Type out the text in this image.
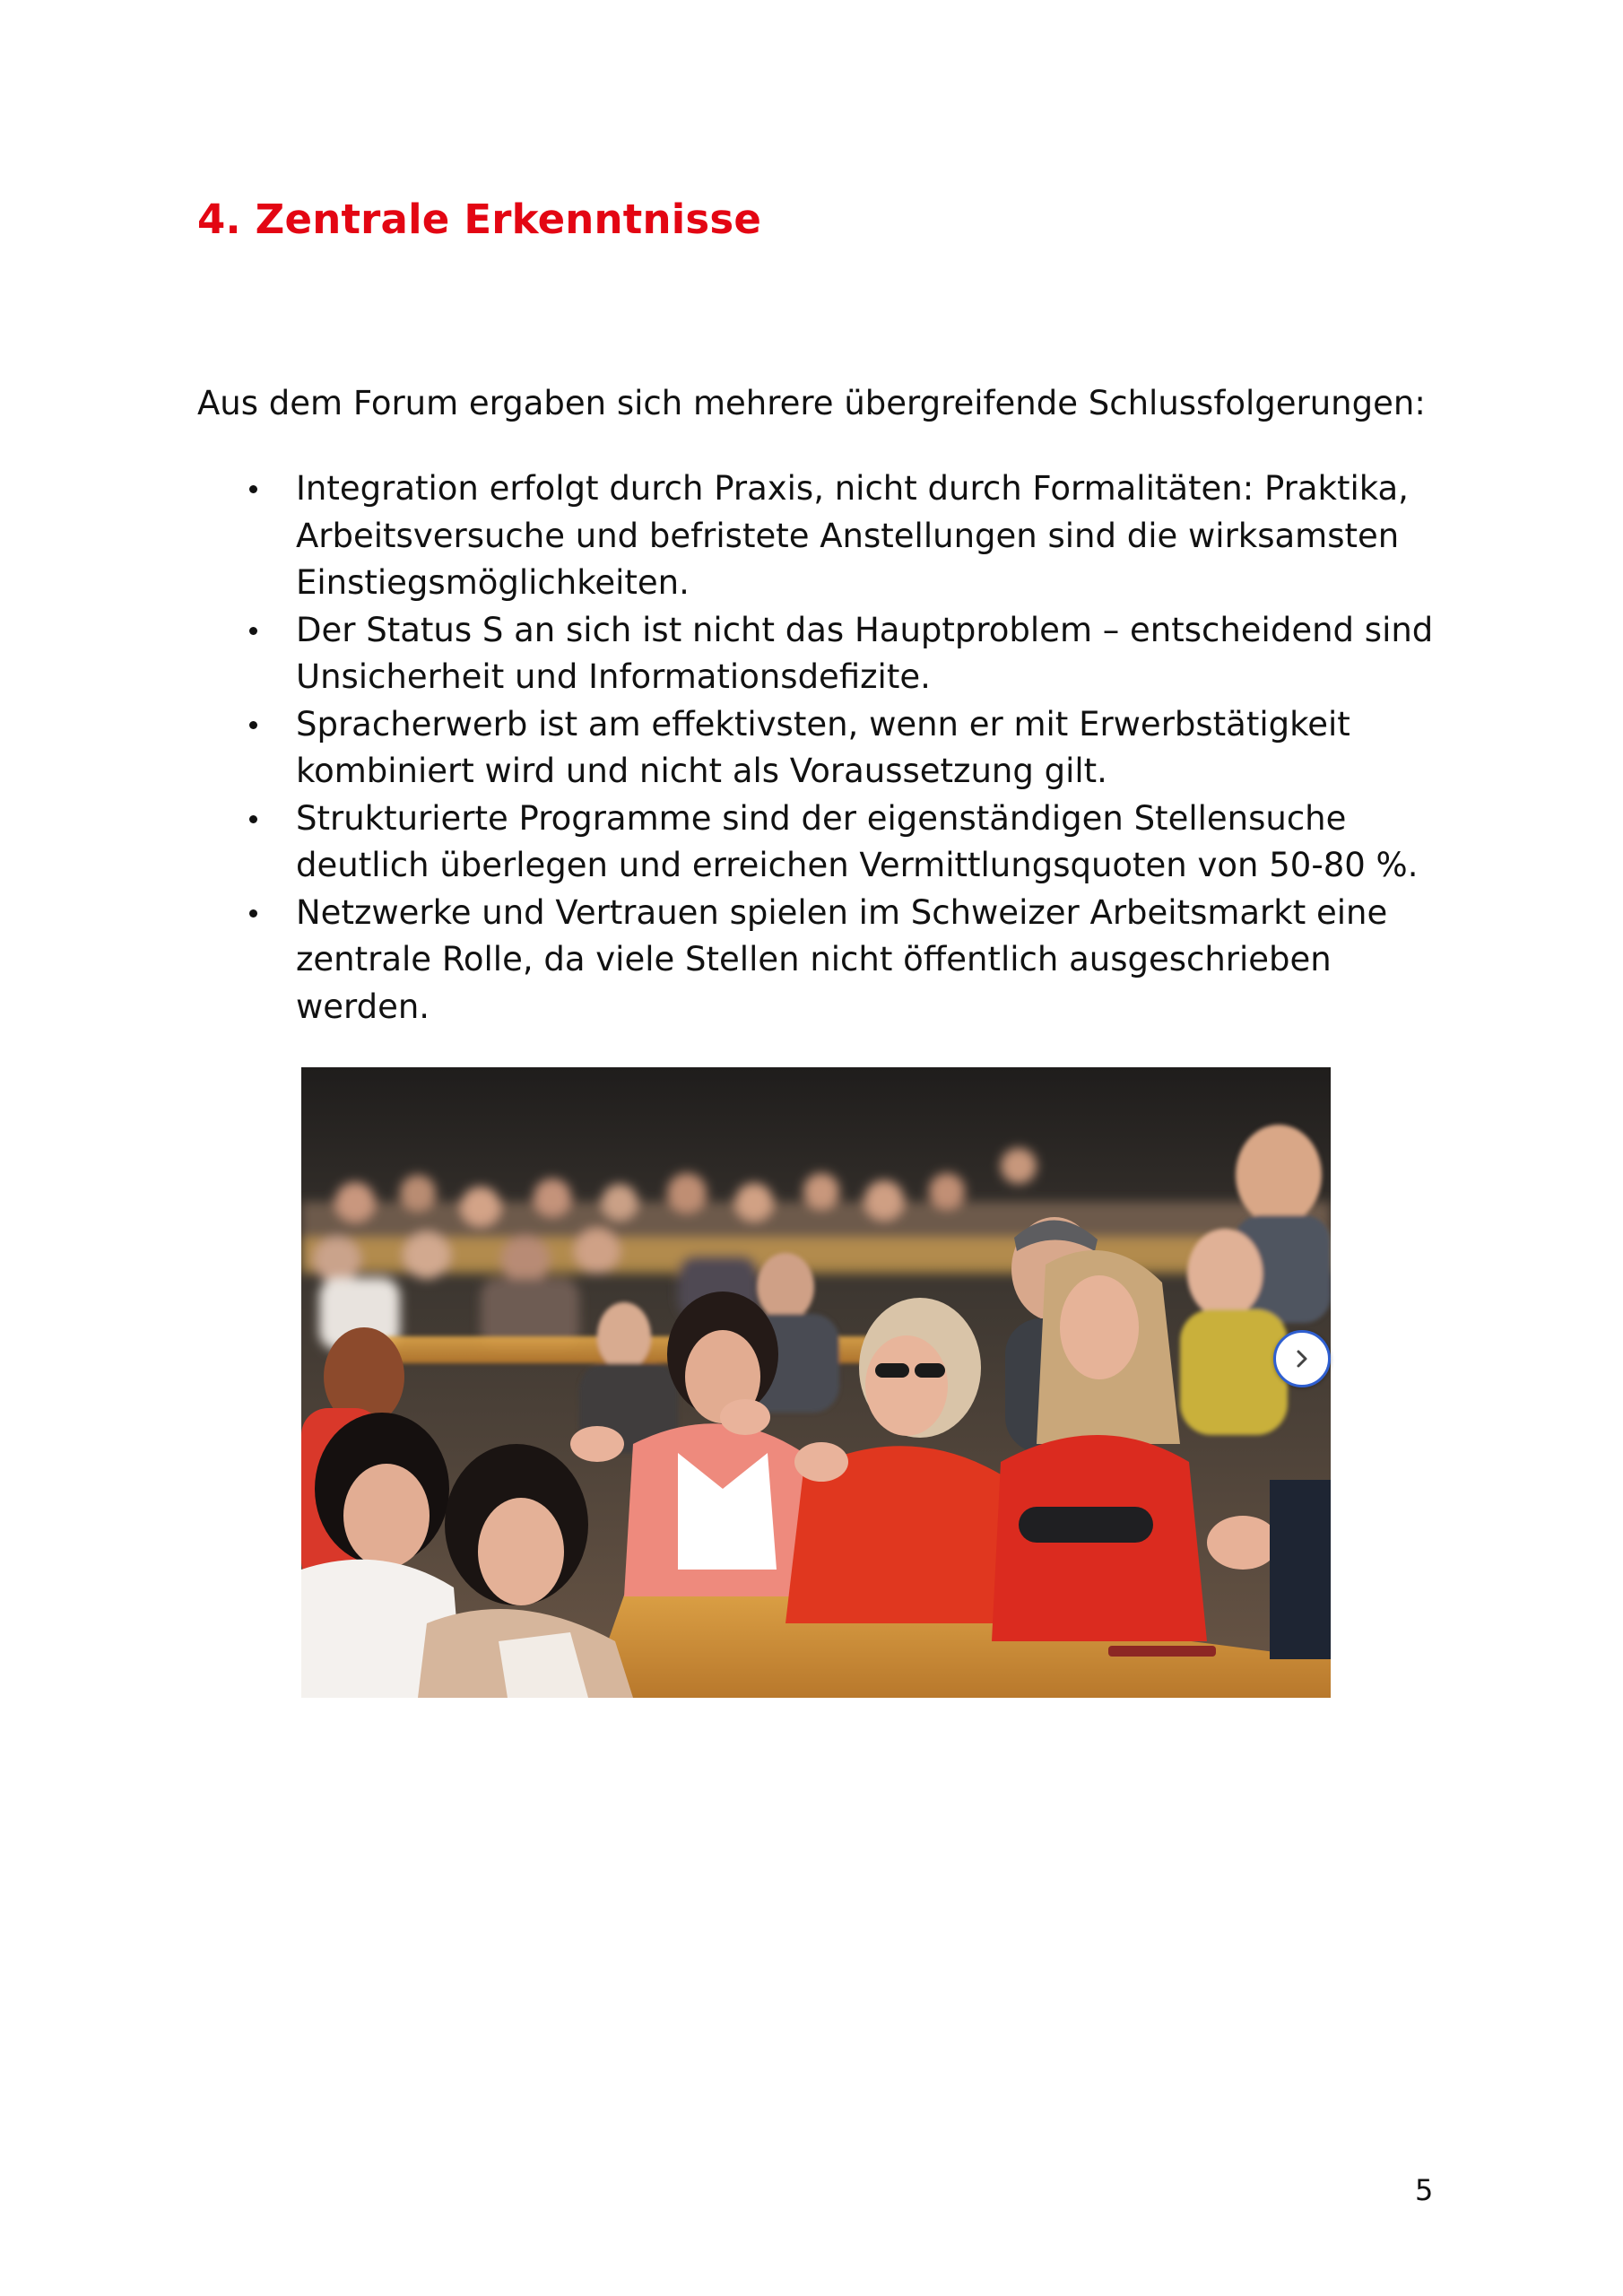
4. Zentrale Erkenntnisse

Aus dem Forum ergaben sich mehrere übergreifende Schlussfolgerungen:

Integration erfolgt durch Praxis, nicht durch Formalitäten: Praktika,
Arbeitsversuche und befristete Anstellungen sind die wirksamsten
Einstiegsmöglichkeiten.
Der Status S an sich ist nicht das Hauptproblem – entscheidend sind
Unsicherheit und Informationsdefizite.
Spracherwerb ist am effektivsten, wenn er mit Erwerbstätigkeit
kombiniert wird und nicht als Voraussetzung gilt.
Strukturierte Programme sind der eigenständigen Stellensuche
deutlich überlegen und erreichen Vermittlungsquoten von 50-80 %.
Netzwerke und Vertrauen spielen im Schweizer Arbeitsmarkt eine
zentrale Rolle, da viele Stellen nicht öffentlich ausgeschrieben
werden.
5
